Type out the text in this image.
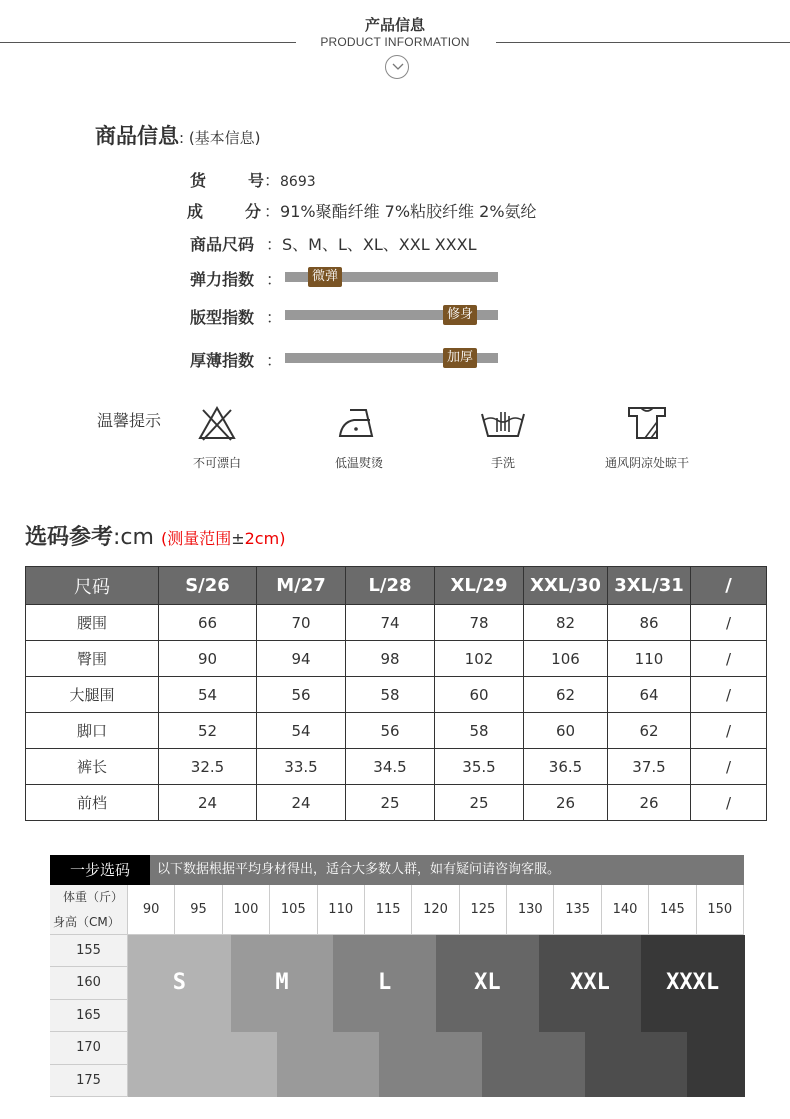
产品信息
PRODUCT INFORMATION
商品信息: (基本信息)
货	号 ：8693
成	分 ：91%聚酯纤维 7%粘胶纤维 2%氨纶
商品尺码 ：S、M、L、XL、XXL XXXL
弹力指数 ：	微弹
版型指数 ：	修身
厚薄指数 ：	加厚
温馨提示
不可漂白	低温熨烫	手洗	通风阴凉处晾干
选码参考:cm (测量范围±2cm)
尺码	S/26	M/27	L/28	XL/29	XXL/30	3XL/31	/
腰围	66	70	74	78	82	86	/
臀围	90	94	98	102	106	110	/
大腿围	54	56	58	60	62	64	/
脚口	52	54	56	58	60	62	/
裤长	32.5	33.5	34.5	35.5	36.5	37.5	/
前档	24	24	25	25	26	26	/
一步选码	以下数据根据平均身材得出，适合大多数人群，如有疑问请咨询客服。
体重（斤）
身高（CM）
90	95	100	105	110	115	120	125	130	135	140	145	150
155
160
165
170
175
S	M	L	XL	XXL	XXXL
